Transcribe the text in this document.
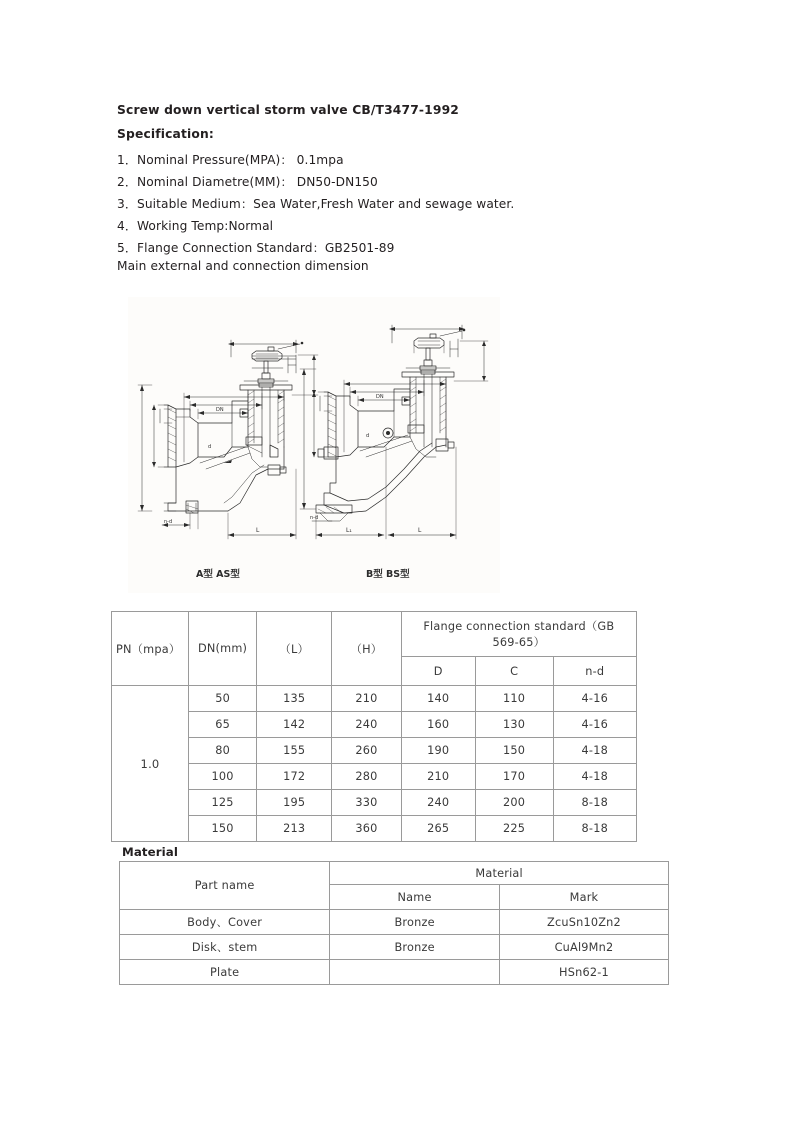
Screw down vertical storm valve CB/T3477-1992
Specification:
1．Nominal Pressure(MPA)： 0.1mpa
2．Nominal Diametre(MM)： DN50-DN150
3．Suitable Medium：Sea Water,Fresh Water and sewage water.
4．Working Temp:Normal
5．Flange Connection Standard：GB2501-89
Main external and connection dimension
DN
d
L
n-d
DN
d
L₁	L
n-d
A型 AS型	B型 BS型
PN（mpa）	DN(mm)	（L）	（H）	Flange connection standard（GB 569-65）		
				D	C	n-d
1.0	50	135	210	140	110	4-16
	65	142	240	160	130	4-16
	80	155	260	190	150	4-18
	100	172	280	210	170	4-18
	125	195	330	240	200	8-18
	150	213	360	265	225	8-18
Material
Part name	Material	
	Name	Mark
Body、Cover	Bronze	ZcuSn10Zn2
Disk、stem	Bronze	CuAl9Mn2
Plate		HSn62-1
